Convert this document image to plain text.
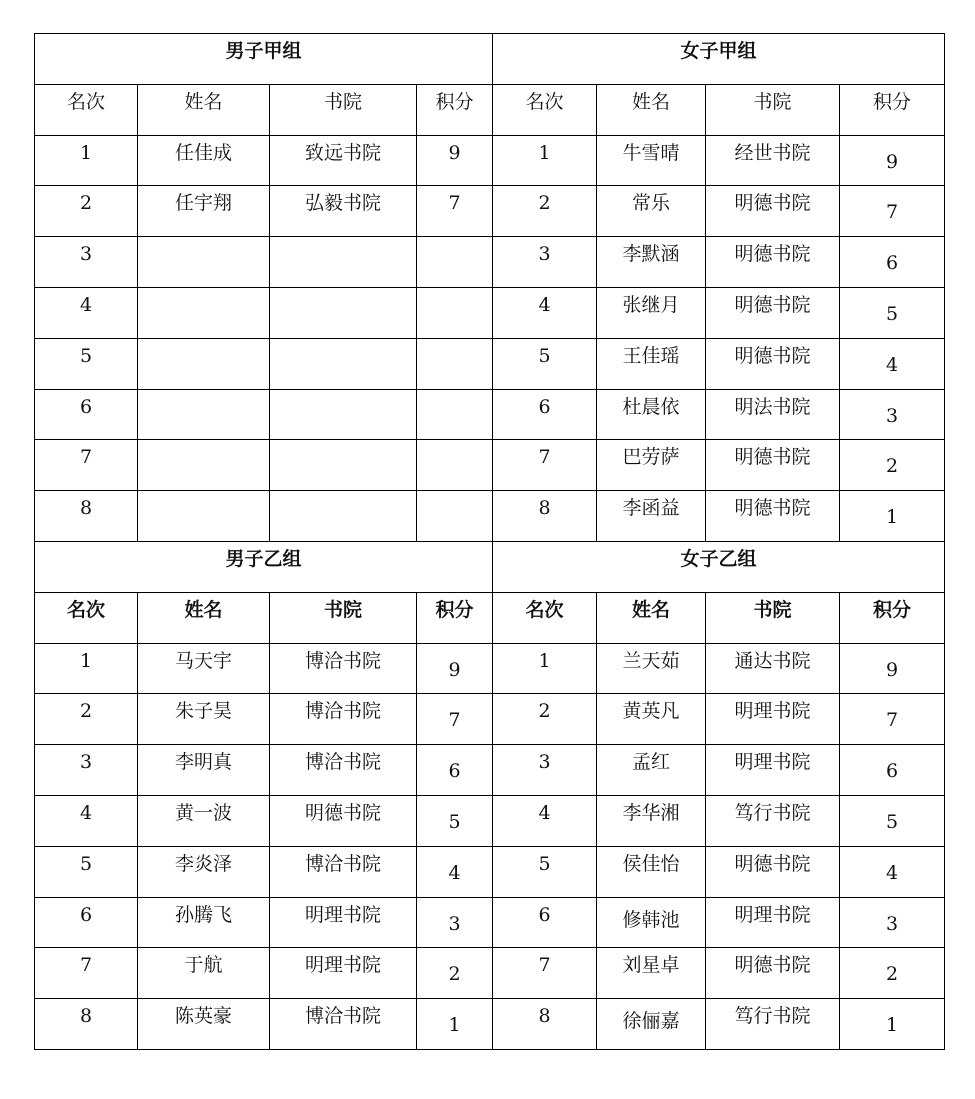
男子甲组				女子甲组			
名次	姓名	书院	积分	名次	姓名	书院	积分
1	任佳成	致远书院	9	1	牛雪晴	经世书院	9
2	任宇翔	弘毅书院	7	2	常乐	明德书院	7
3				3	李默涵	明德书院	6
4				4	张继月	明德书院	5
5				5	王佳瑶	明德书院	4
6				6	杜晨依	明法书院	3
7				7	巴劳萨	明德书院	2
8				8	李函益	明德书院	1
男子乙组				女子乙组			
名次	姓名	书院	积分	名次	姓名	书院	积分
1	马天宇	博洽书院	9	1	兰天茹	通达书院	9
2	朱子昊	博洽书院	7	2	黄英凡	明理书院	7
3	李明真	博洽书院	6	3	孟红	明理书院	6
4	黄一波	明德书院	5	4	李华湘	笃行书院	5
5	李炎泽	博洽书院	4	5	侯佳怡	明德书院	4
6	孙腾飞	明理书院	3	6	修韩池	明理书院	3
7	于航	明理书院	2	7	刘星卓	明德书院	2
8	陈英豪	博洽书院	1	8	徐俪嘉	笃行书院	1
